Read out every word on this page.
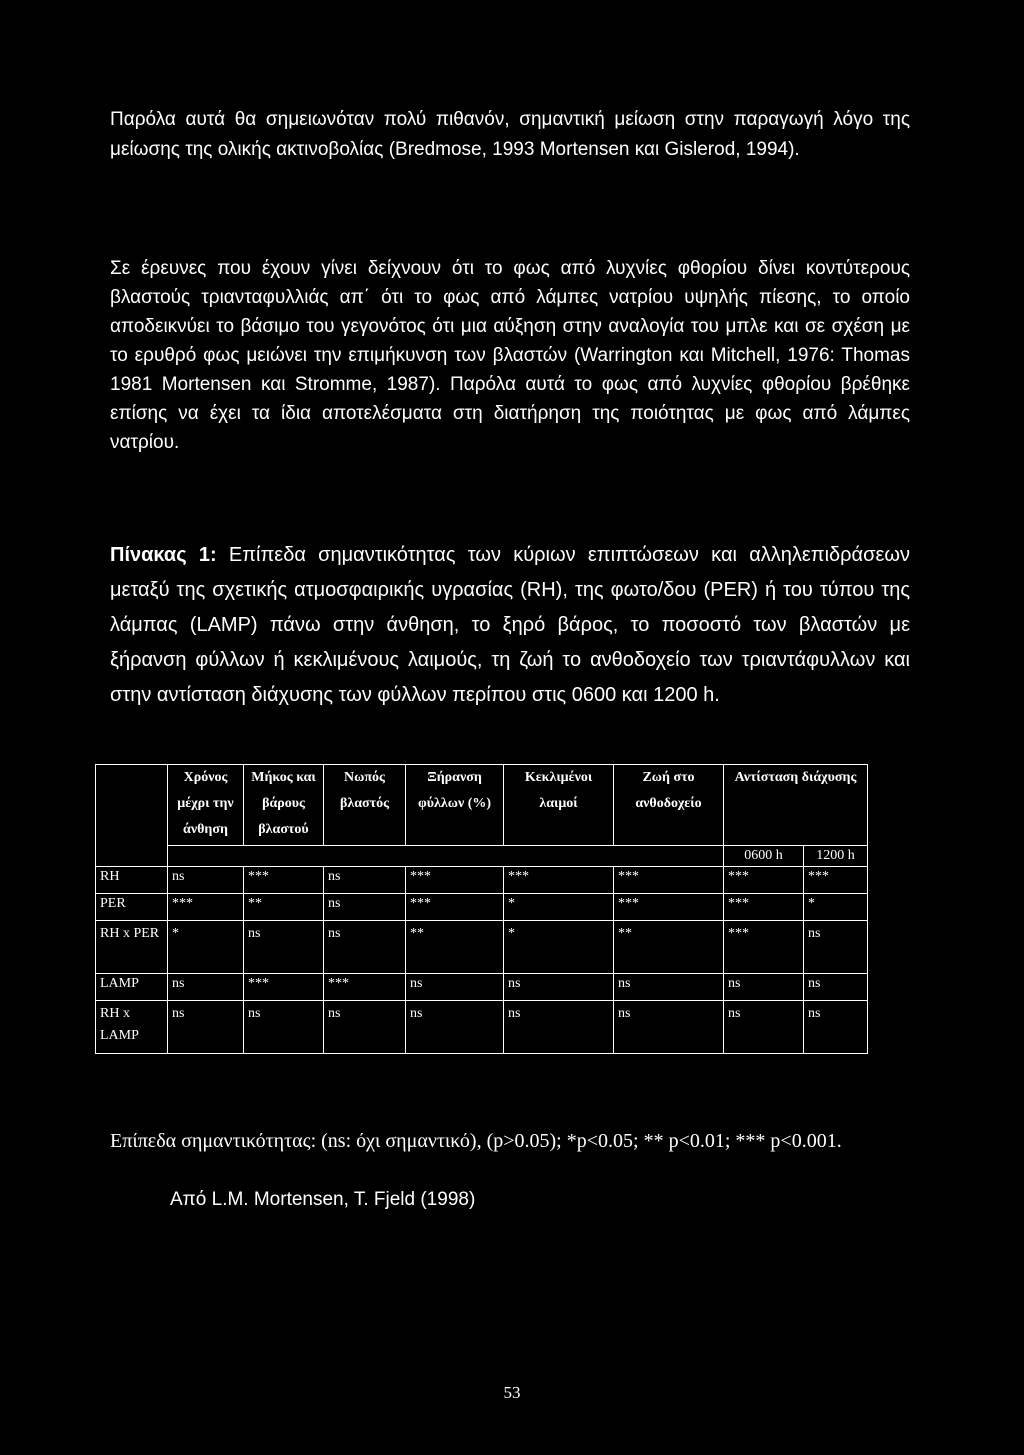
Παρόλα αυτά θα σημειωνόταν πολύ πιθανόν, σημαντική μείωση στην παραγωγή λόγο της μείωσης της ολικής ακτινοβολίας (Bredmose, 1993 Mortensen και Gislerod, 1994).

Σε έρευνες που έχουν γίνει δείχνουν ότι το φως από λυχνίες φθορίου δίνει κοντύτερους βλαστούς τριανταφυλλιάς απ΄ ότι το φως από λάμπες νατρίου υψηλής πίεσης, το οποίο αποδεικνύει το βάσιμο του γεγονότος ότι μια αύξηση στην αναλογία του μπλε και σε σχέση με το ερυθρό φως μειώνει την επιμήκυνση των βλαστών (Warrington και Mitchell, 1976: Thomas 1981 Mortensen και Stromme, 1987). Παρόλα αυτά το φως από λυχνίες φθορίου βρέθηκε επίσης να έχει τα ίδια αποτελέσματα στη διατήρηση της ποιότητας με φως από λάμπες νατρίου.

Πίνακας 1: Επίπεδα σημαντικότητας των κύριων επιπτώσεων και αλληλεπιδράσεων μεταξύ της σχετικής ατμοσφαιρικής υγρασίας (RH), της φωτο/δου (PER) ή του τύπου της λάμπας (LAMP) πάνω στην άνθηση, το ξηρό βάρος, το ποσοστό των βλαστών με ξήρανση φύλλων ή κεκλιμένους λαιμούς, τη ζωή το ανθοδοχείο των τριαντάφυλλων και στην αντίσταση διάχυσης των φύλλων περίπου στις 0600 και 1200 h.

	Χρόνος μέχρι την άνθηση	Μήκος και βάρους βλαστού	Νωπός βλαστός	Ξήρανση φύλλων (%)	Κεκλιμένοι λαιμοί	Ζωή στο ανθοδοχείο	Αντίσταση διάχυσης	
							0600 h	1200 h
RH	ns	***	ns	***	***	***	***	***
PER	***	**	ns	***	*	***	***	*
RH x PER	*	ns	ns	**	*	**	***	ns
LAMP	ns	***	***	ns	ns	ns	ns	ns
RH x LAMP	ns	ns	ns	ns	ns	ns	ns	ns

Επίπεδα σημαντικότητας: (ns: όχι σημαντικό), (p>0.05); *p<0.05; ** p<0.01; *** p<0.001.

Από L.M. Mortensen, T. Fjeld (1998)

53
